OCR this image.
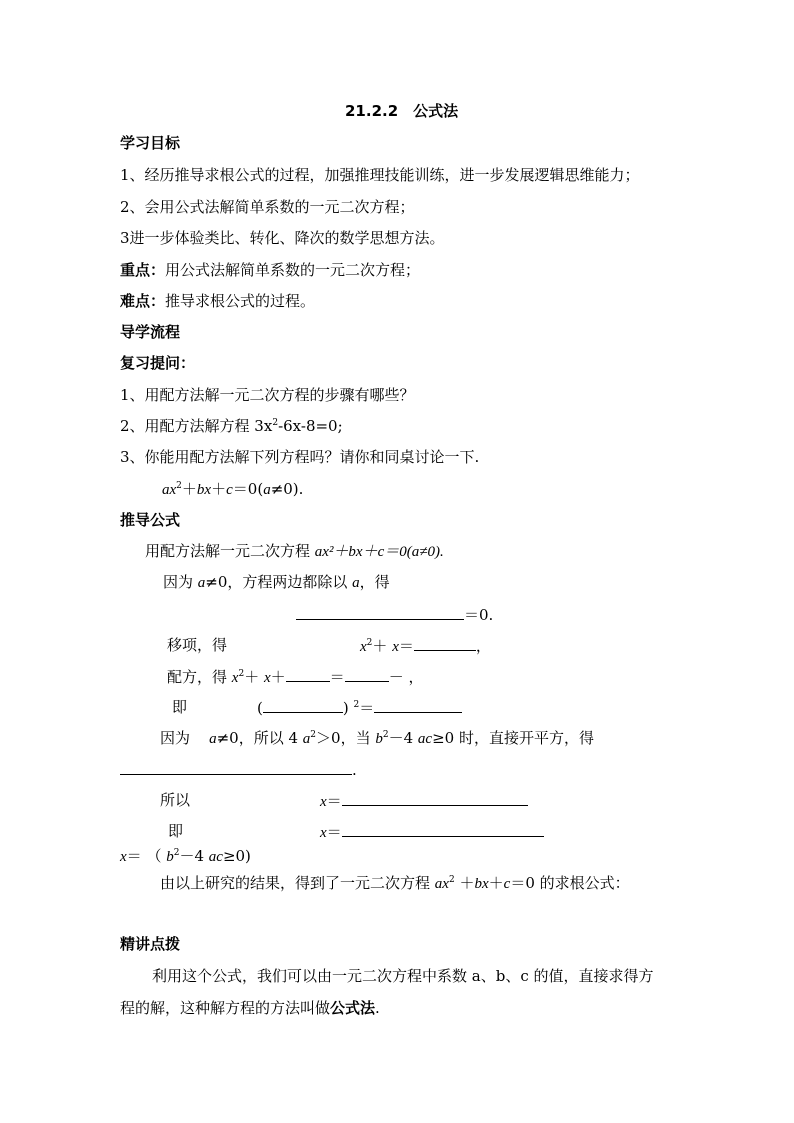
21.2.2　公式法
学习目标
1、经历推导求根公式的过程，加强推理技能训练，进一步发展逻辑思维能力；
2、会用公式法解简单系数的一元二次方程；
3进一步体验类比、转化、降次的数学思想方法。
重点：用公式法解简单系数的一元二次方程；
难点：推导求根公式的过程。
导学流程
复习提问：
1、用配方法解一元二次方程的步骤有哪些？
2、用配方法解方程 $3x^2-6x-8=0$;
3、你能用配方法解下列方程吗？请你和同桌讨论一下.
$ax^2+bx+c=0(a\ne 0)$.
推导公式
用配方法解一元二次方程 ax²＋bx＋c＝0(a≠0).
因为 a≠0，方程两边都除以 a，得
＝0.
移项，得	$x^2+ x=$	，
配方，得 $x^2+ x+$	＝	－ ，
即	(	) $^2$＝
因为 a≠0，所以 4 $a^2>0$，当 $b^2-4$ ac≥0 时，直接开平方，得
.
所以	x＝
即	x＝
x＝ （ $b^2-4$ ac≥0)
由以上研究的结果，得到了一元二次方程 $ax^2 +bx+c=0$ 的求根公式：
精讲点拨
利用这个公式，我们可以由一元二次方程中系数 a、b、c 的值，直接求得方
程的解，这种解方程的方法叫做公式法.
